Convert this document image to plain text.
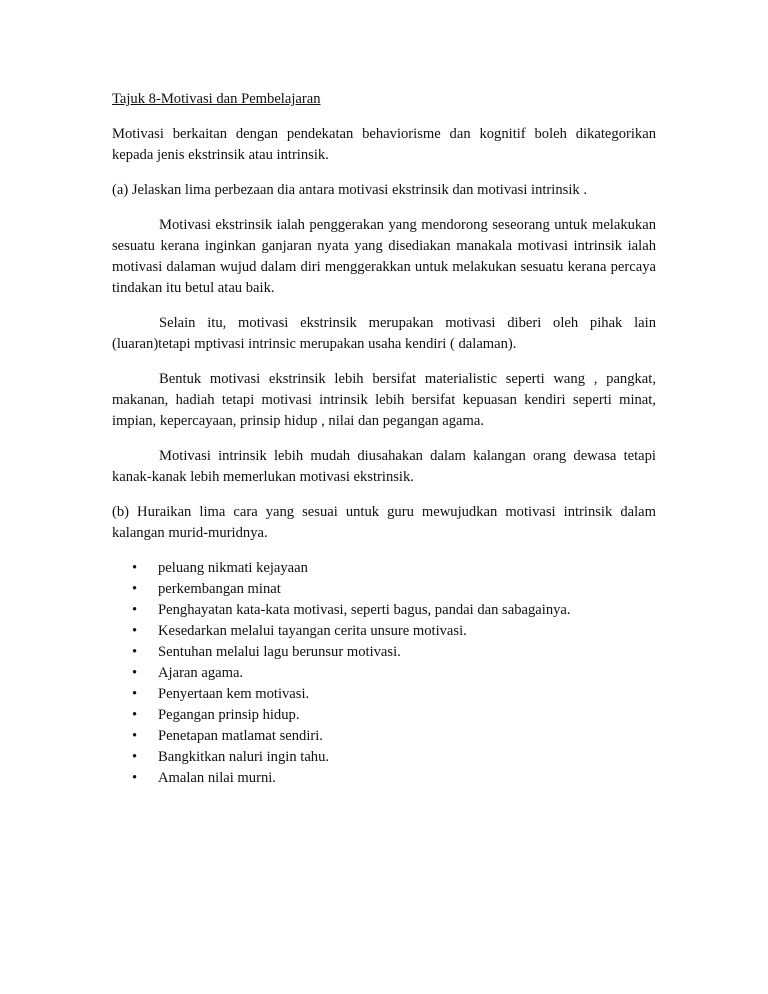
Tajuk 8-Motivasi dan Pembelajaran

Motivasi berkaitan dengan pendekatan behaviorisme dan kognitif boleh dikategorikan kepada jenis ekstrinsik atau intrinsik.

(a) Jelaskan lima perbezaan dia antara motivasi ekstrinsik dan motivasi intrinsik .

Motivasi ekstrinsik ialah penggerakan yang mendorong seseorang untuk melakukan sesuatu kerana inginkan ganjaran nyata yang disediakan manakala motivasi intrinsik ialah motivasi dalaman wujud dalam diri menggerakkan untuk melakukan sesuatu kerana percaya tindakan itu betul atau baik.

Selain itu, motivasi ekstrinsik merupakan motivasi diberi oleh pihak lain (luaran)tetapi mptivasi intrinsic merupakan usaha kendiri ( dalaman).

Bentuk motivasi ekstrinsik lebih bersifat materialistic seperti wang , pangkat, makanan, hadiah tetapi motivasi intrinsik lebih bersifat kepuasan kendiri seperti minat, impian, kepercayaan, prinsip hidup , nilai dan pegangan agama.

Motivasi intrinsik lebih mudah diusahakan dalam kalangan orang dewasa tetapi kanak-kanak lebih memerlukan motivasi ekstrinsik.

(b) Huraikan lima cara yang sesuai untuk guru mewujudkan motivasi intrinsik dalam kalangan murid-muridnya.

• peluang nikmati kejayaan
• perkembangan minat
• Penghayatan kata-kata motivasi, seperti bagus, pandai dan sabagainya.
• Kesedarkan melalui tayangan cerita unsure motivasi.
• Sentuhan melalui lagu berunsur motivasi.
• Ajaran agama.
• Penyertaan kem motivasi.
• Pegangan prinsip hidup.
• Penetapan matlamat sendiri.
• Bangkitkan naluri ingin tahu.
• Amalan nilai murni.
